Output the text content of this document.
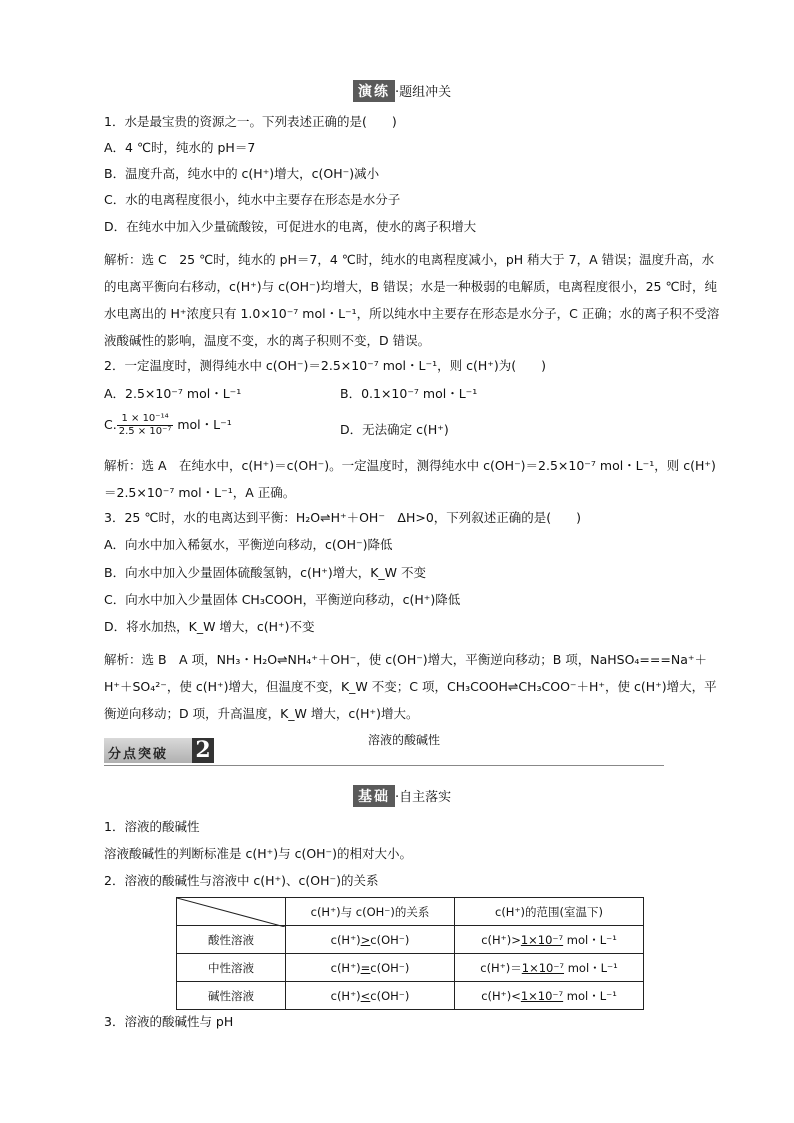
演练 ·题组冲关
1．水是最宝贵的资源之一。下列表述正确的是(　　)
A．4 ℃时，纯水的 pH＝7
B．温度升高，纯水中的 c(H⁺)增大，c(OH⁻)减小
C．水的电离程度很小，纯水中主要存在形态是水分子
D．在纯水中加入少量硫酸铵，可促进水的电离，使水的离子积增大
解析：选 C　25 ℃时，纯水的 pH＝7，4 ℃时，纯水的电离程度减小，pH 稍大于 7，A 错误；温度升高，水的电离平衡向右移动，c(H⁺)与 c(OH⁻)均增大，B 错误；水是一种极弱的电解质，电离程度很小，25 ℃时，纯水电离出的 H⁺浓度只有 1.0×10⁻⁷ mol・L⁻¹，所以纯水中主要存在形态是水分子，C 正确；水的离子积不受溶液酸碱性的影响，温度不变，水的离子积则不变，D 错误。
2．一定温度时，测得纯水中 c(OH⁻)＝2.5×10⁻⁷ mol・L⁻¹，则 c(H⁺)为(　　)
A．2.5×10⁻⁷ mol・L⁻¹	B．0.1×10⁻⁷ mol・L⁻¹
C. $\frac{\text{1 × 10⁻¹⁴}}{\text{2.5 × 10⁻⁷}}$ mol・L⁻¹	D．无法确定 c(H⁺)
解析：选 A　在纯水中，c(H⁺)＝c(OH⁻)。一定温度时，测得纯水中 c(OH⁻)＝2.5×10⁻⁷ mol・L⁻¹，则 c(H⁺)＝2.5×10⁻⁷ mol・L⁻¹，A 正确。
3．25 ℃时，水的电离达到平衡：H₂O⇌H⁺＋OH⁻　ΔH>0，下列叙述正确的是(　　)
A．向水中加入稀氨水，平衡逆向移动，c(OH⁻)降低
B．向水中加入少量固体硫酸氢钠，c(H⁺)增大，K_W 不变
C．向水中加入少量固体 CH₃COOH，平衡逆向移动，c(H⁺)降低
D．将水加热，K_W 增大，c(H⁺)不变
解析：选 B　A 项，NH₃・H₂O⇌NH₄⁺＋OH⁻，使 c(OH⁻)增大，平衡逆向移动；B 项，NaHSO₄===Na⁺＋H⁺＋SO₄²⁻，使 c(H⁺)增大，但温度不变，K_W 不变；C 项，CH₃COOH⇌CH₃COO⁻＋H⁺，使 c(H⁺)增大，平衡逆向移动；D 项，升高温度，K_W 增大，c(H⁺)增大。
分点突破 2	溶液的酸碱性
基础 ·自主落实
1．溶液的酸碱性
溶液酸碱性的判断标准是 c(H⁺)与 c(OH⁻)的相对大小。
2．溶液的酸碱性与溶液中 c(H⁺)、c(OH⁻)的关系
	c(H⁺)与 c(OH⁻)的关系	c(H⁺)的范围(室温下)
酸性溶液	c(H⁺)>c(OH⁻)	c(H⁺)>1×10⁻⁷ mol・L⁻¹
中性溶液	c(H⁺)=c(OH⁻)	c(H⁺)＝1×10⁻⁷ mol・L⁻¹
碱性溶液	c(H⁺)<c(OH⁻)	c(H⁺)<1×10⁻⁷ mol・L⁻¹
3．溶液的酸碱性与 pH
